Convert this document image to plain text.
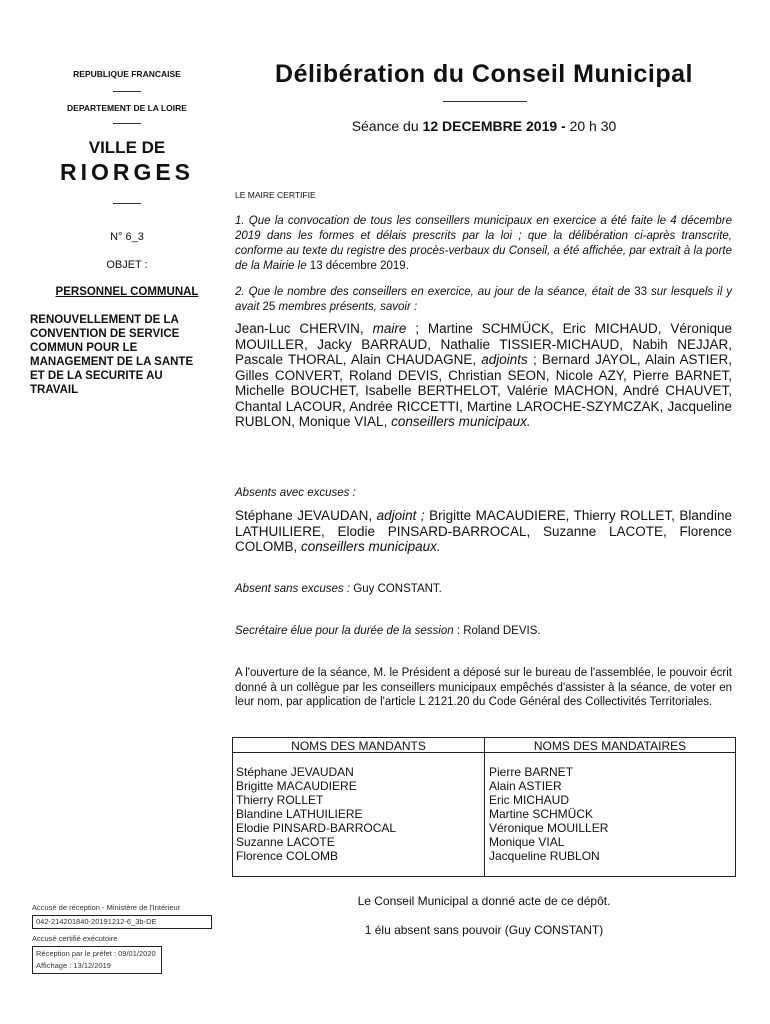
REPUBLIQUE FRANCAISE
DEPARTEMENT DE LA LOIRE
VILLE DE
RIORGES
N° 6_3
OBJET :
PERSONNEL COMMUNAL
RENOUVELLEMENT DE LA
CONVENTION DE SERVICE
COMMUN POUR LE
MANAGEMENT DE LA SANTE
ET DE LA SECURITE AU
TRAVAIL
Délibération du Conseil Municipal
Séance du 12 DECEMBRE 2019 - 20 h 30
LE MAIRE CERTIFIE
1. Que la convocation de tous les conseillers municipaux en exercice a été faite le 4 décembre 2019 dans les formes et délais prescrits par la loi ; que la délibération ci-après transcrite, conforme au texte du registre des procès-verbaux du Conseil, a été affichée, par extrait à la porte de la Mairie le 13 décembre 2019.
2. Que le nombre des conseillers en exercice, au jour de la séance, était de 33 sur lesquels il y avait 25 membres présents, savoir :
Jean-Luc CHERVIN, maire ; Martine SCHMÜCK, Eric MICHAUD, Véronique MOUILLER, Jacky BARRAUD, Nathalie TISSIER-MICHAUD, Nabih NEJJAR, Pascale THORAL, Alain CHAUDAGNE, adjoints ; Bernard JAYOL, Alain ASTIER, Gilles CONVERT, Roland DEVIS, Christian SEON, Nicole AZY, Pierre BARNET, Michelle BOUCHET, Isabelle BERTHELOT, Valérie MACHON, André CHAUVET, Chantal LACOUR, Andrée RICCETTI, Martine LAROCHE-SZYMCZAK, Jacqueline RUBLON, Monique VIAL, conseillers municipaux.
Absents avec excuses :
Stéphane JEVAUDAN, adjoint ; Brigitte MACAUDIERE, Thierry ROLLET, Blandine LATHUILIERE, Elodie PINSARD-BARROCAL, Suzanne LACOTE, Florence COLOMB, conseillers municipaux.
Absent sans excuses : Guy CONSTANT.
Secrétaire élue pour la durée de la session : Roland DEVIS.
A l'ouverture de la séance, M. le Président a déposé sur le bureau de l'assemblée, le pouvoir écrit donné à un collègue par les conseillers municipaux empêchés d'assister à la séance, de voter en leur nom, par application de l'article L 2121.20 du Code Général des Collectivités Territoriales.
NOMS DES MANDANTS	NOMS DES MANDATAIRES
Stéphane JEVAUDAN
Brigitte MACAUDIERE
Thierry ROLLET
Blandine LATHUILIERE
Elodie PINSARD-BARROCAL
Suzanne LACOTE
Florence COLOMB
Pierre BARNET
Alain ASTIER
Eric MICHAUD
Martine SCHMÜCK
Véronique MOUILLER
Monique VIAL
Jacqueline RUBLON
Le Conseil Municipal a donné acte de ce dépôt.
1 élu absent sans pouvoir (Guy CONSTANT)
Accusé de réception - Ministère de l'Intérieur
042-214201840-20191212-6_3b-DE
Accusé certifié exécutoire
Réception par le préfet : 09/01/2020
Affichage : 13/12/2019
